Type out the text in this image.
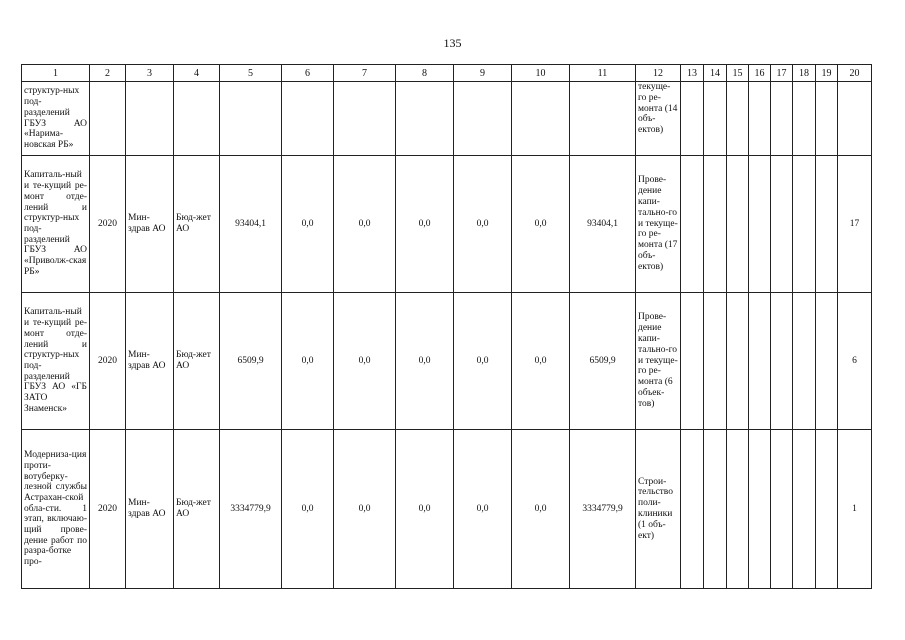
135
1	2	3	4	5	6	7	8	9	10	11	12	13	14	15	16	17	18	19	20
структур-ных под-разделений ГБУЗ АО «Нарима-новская РБ»											текуще-го ре-монта (14 объ-ектов)								
Капиталь-ный и те-кущий ре-монт отде-лений и структур-ных под-разделений ГБУЗ АО «Приволж-ская РБ»	2020	Мин-здрав АО	Бюд-жет АО	93404,1	0,0	0,0	0,0	0,0	0,0	93404,1	Прове-дение капи-тально-го и текуще-го ре-монта (17 объ-ектов)								17
Капиталь-ный и те-кущий ре-монт отде-лений и структур-ных под-разделений ГБУЗ АО «ГБ ЗАТО Знаменск»	2020	Мин-здрав АО	Бюд-жет АО	6509,9	0,0	0,0	0,0	0,0	0,0	6509,9	Прове-дение капи-тально-го и текуще-го ре-монта (6 объек-тов)								6
Модерниза-ция проти-вотуберку-лезной службы Астрахан-ской обла-сти. 1 этап, включаю-щий прове-дение работ по разра-ботке про-	2020	Мин-здрав АО	Бюд-жет АО	3334779,9	0,0	0,0	0,0	0,0	0,0	3334779,9	Строи-тельство поли-клиники (1 объ-ект)								1
